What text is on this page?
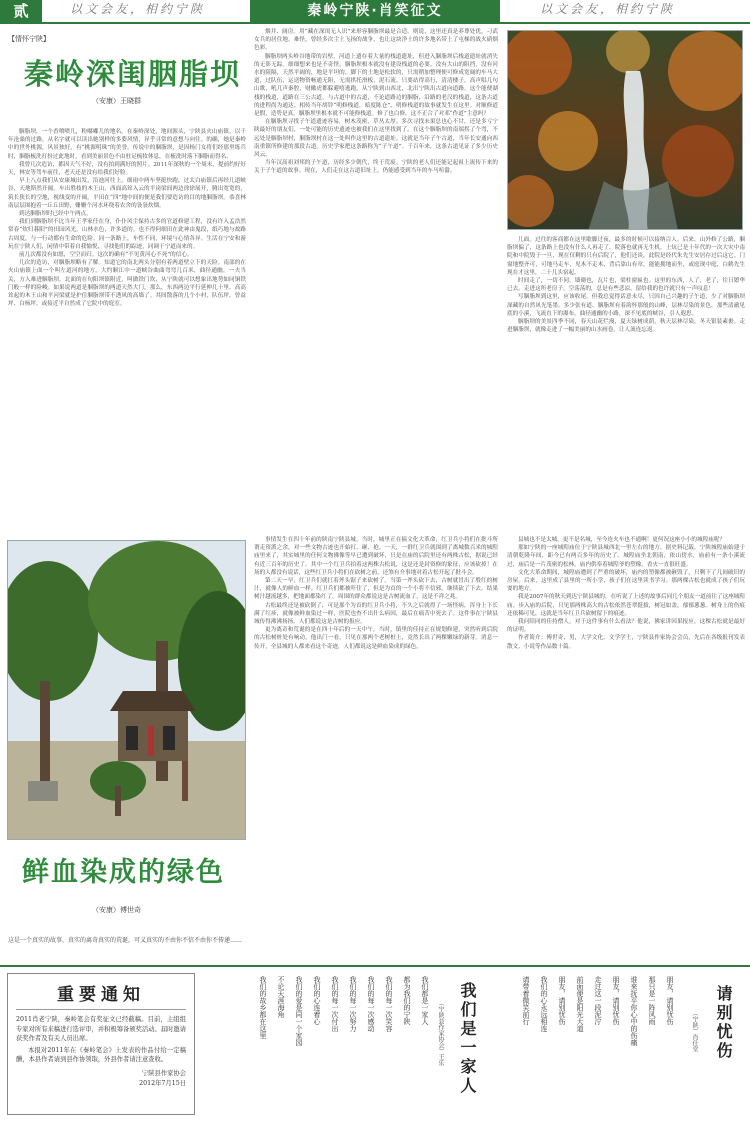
贰	以文会友，相约宁陕	秦岭宁陕·肖笑征文	以文会友，相约宁陕
【情怀宁陕】
秦岭深闺胭脂坝
（安康）王晓群

胭脂坝，一个香喷喷儿，粉嘟嘟儿的地名。在秦岭深处，地间源头，宁陕县火山庙镇。以千年沧桑的过路。从名字就可以读出她别样的多姿风情，异乎寻常的意想与向往。的确，她是秦岭中的世外桃源，风景独好，有“桃源明珠”的美誉。传说中的胭脂坝，是因杨门女将们经那里练兵时，胭脂梳洗打扮过此地时，看到美丽景色不由驻足梳妆休息，在梳洗时落下胭脂而得名。

我曾几次造访，都因天气不好，没有拍到满好的照片。2011年深秋的一个周末，提前约好好天，林安等驾车前往，老天还是没有给我们好脸。

早上八点我们从安康城出发，沿池河往上。细雨中两车坚挺快跑，过太白庙镇后再经几道峡谷，天地斯然开阔。车出胜枝的木王山，西面高耸入云的平岗梁间两边徐徐展开，腾出宽宽的，筑长狭长的空地，视线变的开阔。平田在“四”地中间的便是我们要造访的目的地胭脂坝。恭喜林南层层围抱着一丘丘田野，姗姗个河水环绕着农舍的袅袅炊烟。

到达胭脂坝时已经中午两点。

我们到胭脂坝不比当年王孝家任在身，仆仆风尘保持古多的官道修建工程，没有许入孟浩然常春“炊归暮阳”的田园风光，山林水色，许多道的。也不得何细田在此神由鬼段，纸巧地与故路古周度，与一行动都有生命的危险。同一条路上，车性不同，环境与心情各异。生活在宁安和游玩在宁陕人们，闲情中带着自我愉悦，寻找他们的踪迹，同调于宁道而来的。

前几次都没有如愿，空空而归。这次的确有“不见黄河心不死”的信心。

几次的造访，对胭脂坝略有了解。知道它的南北两头分别有着两道壁立下的天险。南部的在火山庙镇上面一个叫左道河的地方，大约顺江中一道峡谷曲曲弯弯几百米，曲径通幽，一夫当关，方入难进胭脂坝。北面的在旬阳坝镇附近，叫做铁门坎，从宁陕就可以想象出地势如同铜铁门般一样的险峻。如果说两道是胭脂坝的两道天然大门，那么，东西两边平行延伸几十里、高高耸起的木王山和平河梁就是护住胭脂坝带不透风的高墙了。其间散落的几个小村，队伍坪、曾益坪、白杨坪，或接近平自然成了它院中的庭室。

烟井、阔房。用“藏在深闺无人识”来形容胭脂坝最是合适。则说，这里还真是养尊处优，刁武女兵的居住地。难怪，曾经多次尘土飞扬的战争，也让这块净土的许多地名带上了屯梯的战火硝烟色彩。

胭脂坝两头岭谷地带的岩壁，河道上遗存着大量的栈道遗址，但进入胭脂坝后栈道遗址就消失的无影无踪。细细想来也是不奇怪，胭脂坝根本就没有建设栈道的必要。没有大山的阻挡，没有河水的阻隔，天然平阔的，地是平坦的，脚下的土地是松软的，只需稍加整理便可修成宽阔的车马大道，过队伍，运送物资畅通无阻，无需拱托滑板，泥石流。只要站得高行，清清楼子，高声唱几句山歌，吼几声秦腔，财徽虎都躲避嘻逃跑，从宁陕到山西北，北出宁陕出古道向道路。这个能便湖栈的栈道，道路在三公古道，与古道中的古道，不论道路边的胭脂，沿路的老汉的栈道，这条古道的进程尚为通达。相传当年胡铃“明修栈道，暗度陈仓”，明修栈道的故事就发生在这里。对顺修道是假，造势是真。胭脂坝里根本就不可能修栈道。修了也白修，这不正合了对邓“作道”主意吗？

在胭脂坝寻找子午道遗迹容易，树木茂密，草丛太厚。多次寻找未果总也心不甘，还是多亏宁陕最好的朋友们，一处可能的历史遗迹也被我们在这里找到了。在这个胭脂坝的南端拐了个弯，不远处是胭脂坝村，胭脂坝村在这一处叫作这里的古道遗址。这就是当年子午古道，当年长安通向西南重镇所修建的那段古道。历史学家把这条路称为“子午道”。千百年来，这条古道见证了多少历史风云。

当年汉高祖刘邦的子午道，历经多少朝代，终于荒废。宁陕的老人们还能记起祖上流传下来的关于子午道的故事。现在，人们走在这古道旧址上，仍能感受到当年的车马喧嚣。

儿面。过往的客商都在这里歇脚过夜，最多的时候可以接纳百人。后来，山外修了公路，胭脂坝偏了，这条路上也没有什么人再走了，院落也就再无生机。土炕已是十年代的一次大灾中南院和中院毁于一旦，现在仅剩的只有后院了，他们还谈，此院是经代朱先生安居存过后这它。门窗地整齐可，可地马走车，见木不走木，背后靠山有章，能能拥地而坐，或庭现中庭，白鹤先生现在才这里，二十几头宿起。

时间走了，一切不同。墙砌也，瓦片也，梁柱窗匾也。这里的东西，人了，老了，往日繁华已去。走进这所老房子，空荡荡的，总是有些悲凉。留给我的也许就只有一声叹息！

写胭脂坝到这里，应该收尾。但我总觉得话意未尽，只因自己兴趣的子午道，少了对胭脂坝深藏的自然风光笔墨。多少张有道、胭脂坝有着韵怀那般的山峰，层林尽染的景色，那些清澈见底的小溪，飞流直下的瀑布，曲径通幽的小路，深不见底的峡谷，引人遐思。

胭脂坝的美景四季不同，春天山花烂漫，夏天绿树成荫，秋天层林尽染，冬天银装素裹。走进胭脂坝，就像走进了一幅美丽的山水画卷，让人流连忘返。

鲜血染成的绿色
（安康）傅世奇
这是一个真实的故事，真实的离奇真实的荒诞，可义真实的不由你不信不由你不传递……

事情发生在四十年前的陕南宁陕县城。当时，城里正在搞文化大革命，红卫兵小将们在批斗所谓走资派之余，对一些文物古迹也开始打、砸、抢。一天，一群红卫兵就围到了离城数百米的城隍庙里来了，其实城里的任何文物佛像等早已遭到破坏，只是在庙的后院里还有两株古松，据说已经有近三百年的历史了。其中一个红卫兵拍着这两株古松说，这是还是封资修的象征，应该砍掉！在场的人都没有说话，这些红卫兵小将们在砍树之前，还煞有介事地对着古松开起了批斗会。

第二天一早，红卫兵们就扛着斧头锯子来砍树了。当第一斧头砍下去，古树就冒出了殷红的树汁，就像人的鲜血一样。红卫兵们都被吓住了，但是为首的一个小将不信邪，继续砍了下去。结果树汁越流越多，把地面都染红了。周围的群众都说这是古树流血了，这是不祥之兆。

古松最终还是被砍倒了，可是那个为首的红卫兵小将，不久之后就得了一场怪病，浑身上下长满了红疹，就像被鲜血染过一样，医院也查不出什么病因，最后在痛苦中死去了。这件事在宁陕县城传得沸沸扬扬，人们都说这是古树的报应。

更为离奇和荒诞的是在四十年后的一天中午，当时，镇里的佳持正在规划修建，突然听到后院的古松树桩处有响动，他出门一看，只见在那两个老树桩上，竟然长出了两棵嫩绿的新芽。消息一传开，全县城的人都来看这个奇迹，人们都说这是鲜血染成的绿色。

县城也不是太城，更不是名城，至今连火车也不通啊！更何况这座小小的城隍庙呢？

那如宁陕的一座城隍庙位于宁陕县城西北一里左右的地方。据史料记载，宁陕城隍庙始建于清朝乾隆年间，距今已有两百多年的历史了。城隍庙坐北朝南，依山傍水，庙前有一条小溪流过，庙后是一片茂密的松林。庙内供奉着城隍爷的塑像，香火一直很旺盛。

文化大革命期间，城隍庙遭到了严重的破坏，庙内的塑像都被砸毁了，只剩下了几间破旧的房屋。后来，这里成了县里的一所小学，孩子们在这里读书学习。那两棵古松也就成了孩子们玩耍的地方。

我是2007年的秋天到达宁陕县城的，在听说了上述的故事后同几个朋友一道前往了这座城隍庙。步入庙的后院，只见那两株高大的古松依然苍翠挺拔，树冠如盖，郁郁葱葱。树身上的伤痕还依稀可见，这就是当年红卫兵砍树留下的痕迹。

我问陪同的佳持僧人，对于这件事有什么看法？他说，佛家讲因果报应，这棵古松就是最好的证明。

作者简介：傅世奇，男，大学文化，文学学士，宁陕县作家协会会员，先后在各级报刊发表散文、小说等作品数十篇。

重要通知
2011肖老宁陕，秦岭笔会有奖征文已经截稿。目前，主组组专家对所有来稿进行选评审，并积极筹备颁奖活动。届时邀请获奖作者及有关人员出席。
本报对2011年在《秦岭笔会》上发表的作品付给一定稿酬，本县作者请到县作协领取，外县作者请注意查收。
宁陕县作家协会
2012年7月15日
我们都是一家人
都为我们的宁陕
我们的每一次笑容
我们的每一次感动
我们的每一次努力
我们的每一次付出
我们的心连着心
我们的爱是同一个家园
不论天涯海角
我们的故乡都在这里	（宁陕县作家协会）王乐 我们是一家人	朋友，请别忧伤
那只是一阵风雨
谁来抚平你心中的伤痛
朋友，请别忧伤
走过这一段泥泞
前面便是阳光大道
朋友，请别忧伤
我们的心永远相连
请带着微笑前行
（宁陕）肖仕堂 请别忧伤
